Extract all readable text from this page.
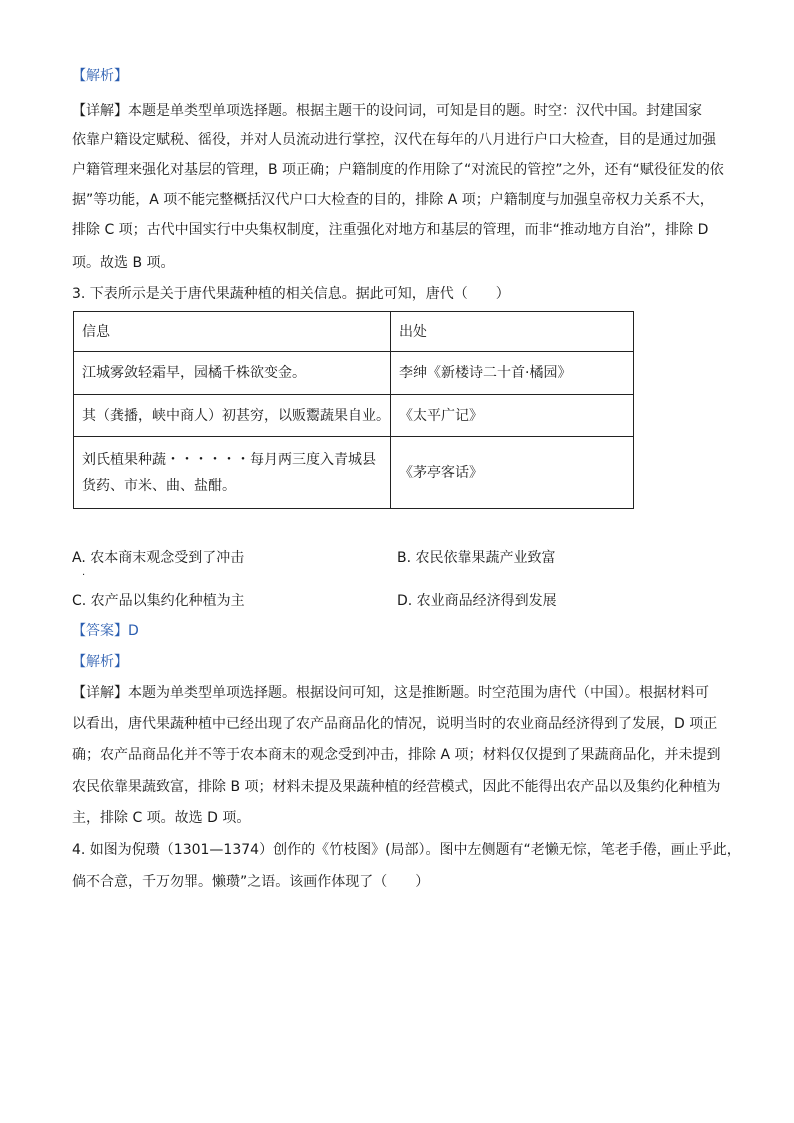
【解析】
【详解】本题是单类型单项选择题。根据主题干的设问词，可知是目的题。时空：汉代中国。封建国家
依靠户籍设定赋税、徭役，并对人员流动进行掌控，汉代在每年的八月进行户口大检查，目的是通过加强
户籍管理来强化对基层的管理，B 项正确；户籍制度的作用除了“对流民的管控”之外，还有“赋役征发的依
据”等功能，A 项不能完整概括汉代户口大检查的目的，排除 A 项；户籍制度与加强皇帝权力关系不大，
排除 C 项；古代中国实行中央集权制度，注重强化对地方和基层的管理，而非“推动地方自治”，排除 D
项。故选 B 项。
3. 下表所示是关于唐代果蔬种植的相关信息。据此可知，唐代（　　）
信息	出处
江城雾敛轻霜早，园橘千株欲变金。	李绅《新楼诗二十首·橘园》
其（龚播，峡中商人）初甚穷，以贩鬻蔬果自业。	《太平广记》

刘氏植果种蔬・・・・・・每月两三度入青城县
货药、市米、曲、盐酣。	《茅亭客话》
A. 农本商末观念受到了冲击
.
B. 农民依靠果蔬产业致富
C. 农产品以集约化种植为主	D. 农业商品经济得到发展
【答案】D
【解析】
【详解】本题为单类型单项选择题。根据设问可知，这是推断题。时空范围为唐代（中国）。根据材料可
以看出，唐代果蔬种植中已经出现了农产品商品化的情况，说明当时的农业商品经济得到了发展，D 项正
确；农产品商品化并不等于农本商末的观念受到冲击，排除 A 项；材料仅仅提到了果蔬商品化，并未提到
农民依靠果蔬致富，排除 B 项；材料未提及果蔬种植的经营模式，因此不能得出农产品以及集约化种植为
主，排除 C 项。故选 D 项。
4. 如图为倪瓒（1301—1374）创作的《竹枝图》(局部）。图中左侧题有“老懒无悰，笔老手倦，画止乎此，
倘不合意，千万勿罪。懒瓒”之语。该画作体现了（　　）
